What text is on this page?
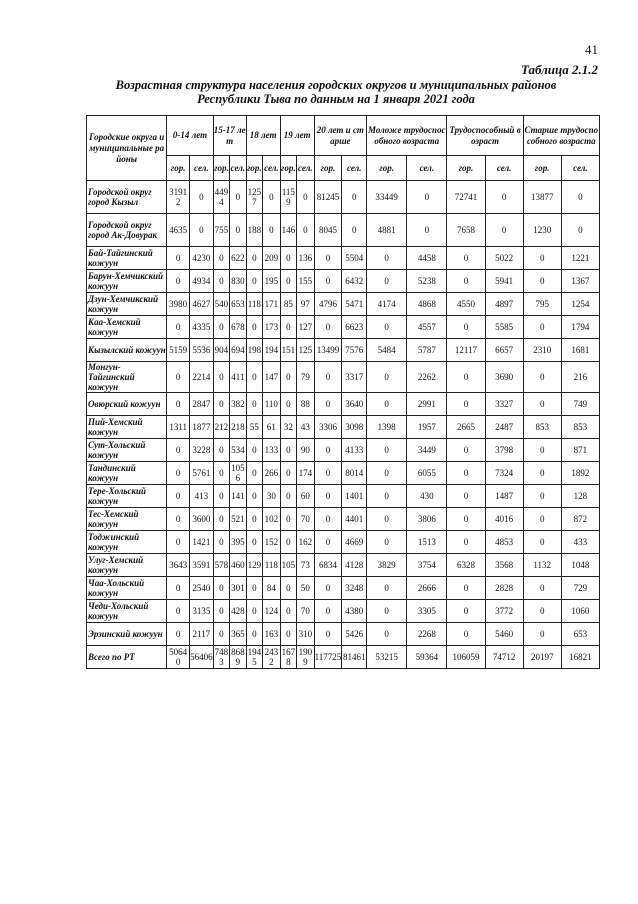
41
Таблица 2.1.2
Возрастная структура населения городских округов и муниципальных районов
Республики Тыва по данным на 1 января 2021 года
Городские округа и муниципальные районы	0-14 лет		15-17 лет		18 лет		19 лет		20 лет и старше		Моложе трудоспособного возраста		Трудоспособный возраст		Старше трудоспособного возраста	
	гор.	сел.	гор.	сел.	гор.	сел.	гор.	сел.	гор.	сел.	гор.	сел.	гор.	сел.	гор.	сел.
Городской округ город Кызыл	31912	0	4494	0	1257	0	1159	0	81245	0	33449	0	72741	0	13877	0
Городской округ город Ак-Довурак	4635	0	755	0	188	0	146	0	8045	0	4881	0	7658	0	1230	0
Бай-Тайгинский кожуун	0	4230	0	622	0	209	0	136	0	5504	0	4458	0	5022	0	1221
Барун-Хемчикский кожуун	0	4934	0	830	0	195	0	155	0	6432	0	5238	0	5941	0	1367
Дзун-Хемчикский кожуун	3980	4627	540	653	118	171	85	97	4796	5471	4174	4868	4550	4897	795	1254
Каа-Хемский кожуун	0	4335	0	678	0	173	0	127	0	6623	0	4557	0	5585	0	1794
Кызылский кожуун	5159	5536	904	694	198	194	151	125	13499	7576	5484	5787	12117	6657	2310	1681
Монгун-Тайгинский кожуун	0	2214	0	411	0	147	0	79	0	3317	0	2262	0	3690	0	216
Овюрский кожуун	0	2847	0	382	0	110	0	88	0	3640	0	2991	0	3327	0	749
Пий-Хемский кожуун	1311	1877	212	218	55	61	32	43	3306	3098	1398	1957	2665	2487	853	853
Сут-Хольский кожуун	0	3228	0	534	0	133	0	90	0	4133	0	3449	0	3798	0	871
Тандинский кожуун	0	5761	0	1056	0	266	0	174	0	8014	0	6055	0	7324	0	1892
Тере-Хольский кожуун	0	413	0	141	0	30	0	60	0	1401	0	430	0	1487	0	128
Тес-Хемский кожуун	0	3600	0	521	0	102	0	70	0	4401	0	3806	0	4016	0	872
Тоджинский кожуун	0	1421	0	395	0	152	0	162	0	4669	0	1513	0	4853	0	433
Улуг-Хемский кожуун	3643	3591	578	460	129	118	105	73	6834	4128	3829	3754	6328	3568	1132	1048
Чаа-Хольский кожуун	0	2540	0	301	0	84	0	50	0	3248	0	2666	0	2828	0	729
Чеди-Хольский кожуун	0	3135	0	428	0	124	0	70	0	4380	0	3305	0	3772	0	1060
Эрзинский кожуун	0	2117	0	365	0	163	0	310	0	5426	0	2268	0	5460	0	653
Всего по РТ	50640	56406	7483	8689	1945	2432	1678	1909	117725	81461	53215	59364	106059	74712	20197	16821
